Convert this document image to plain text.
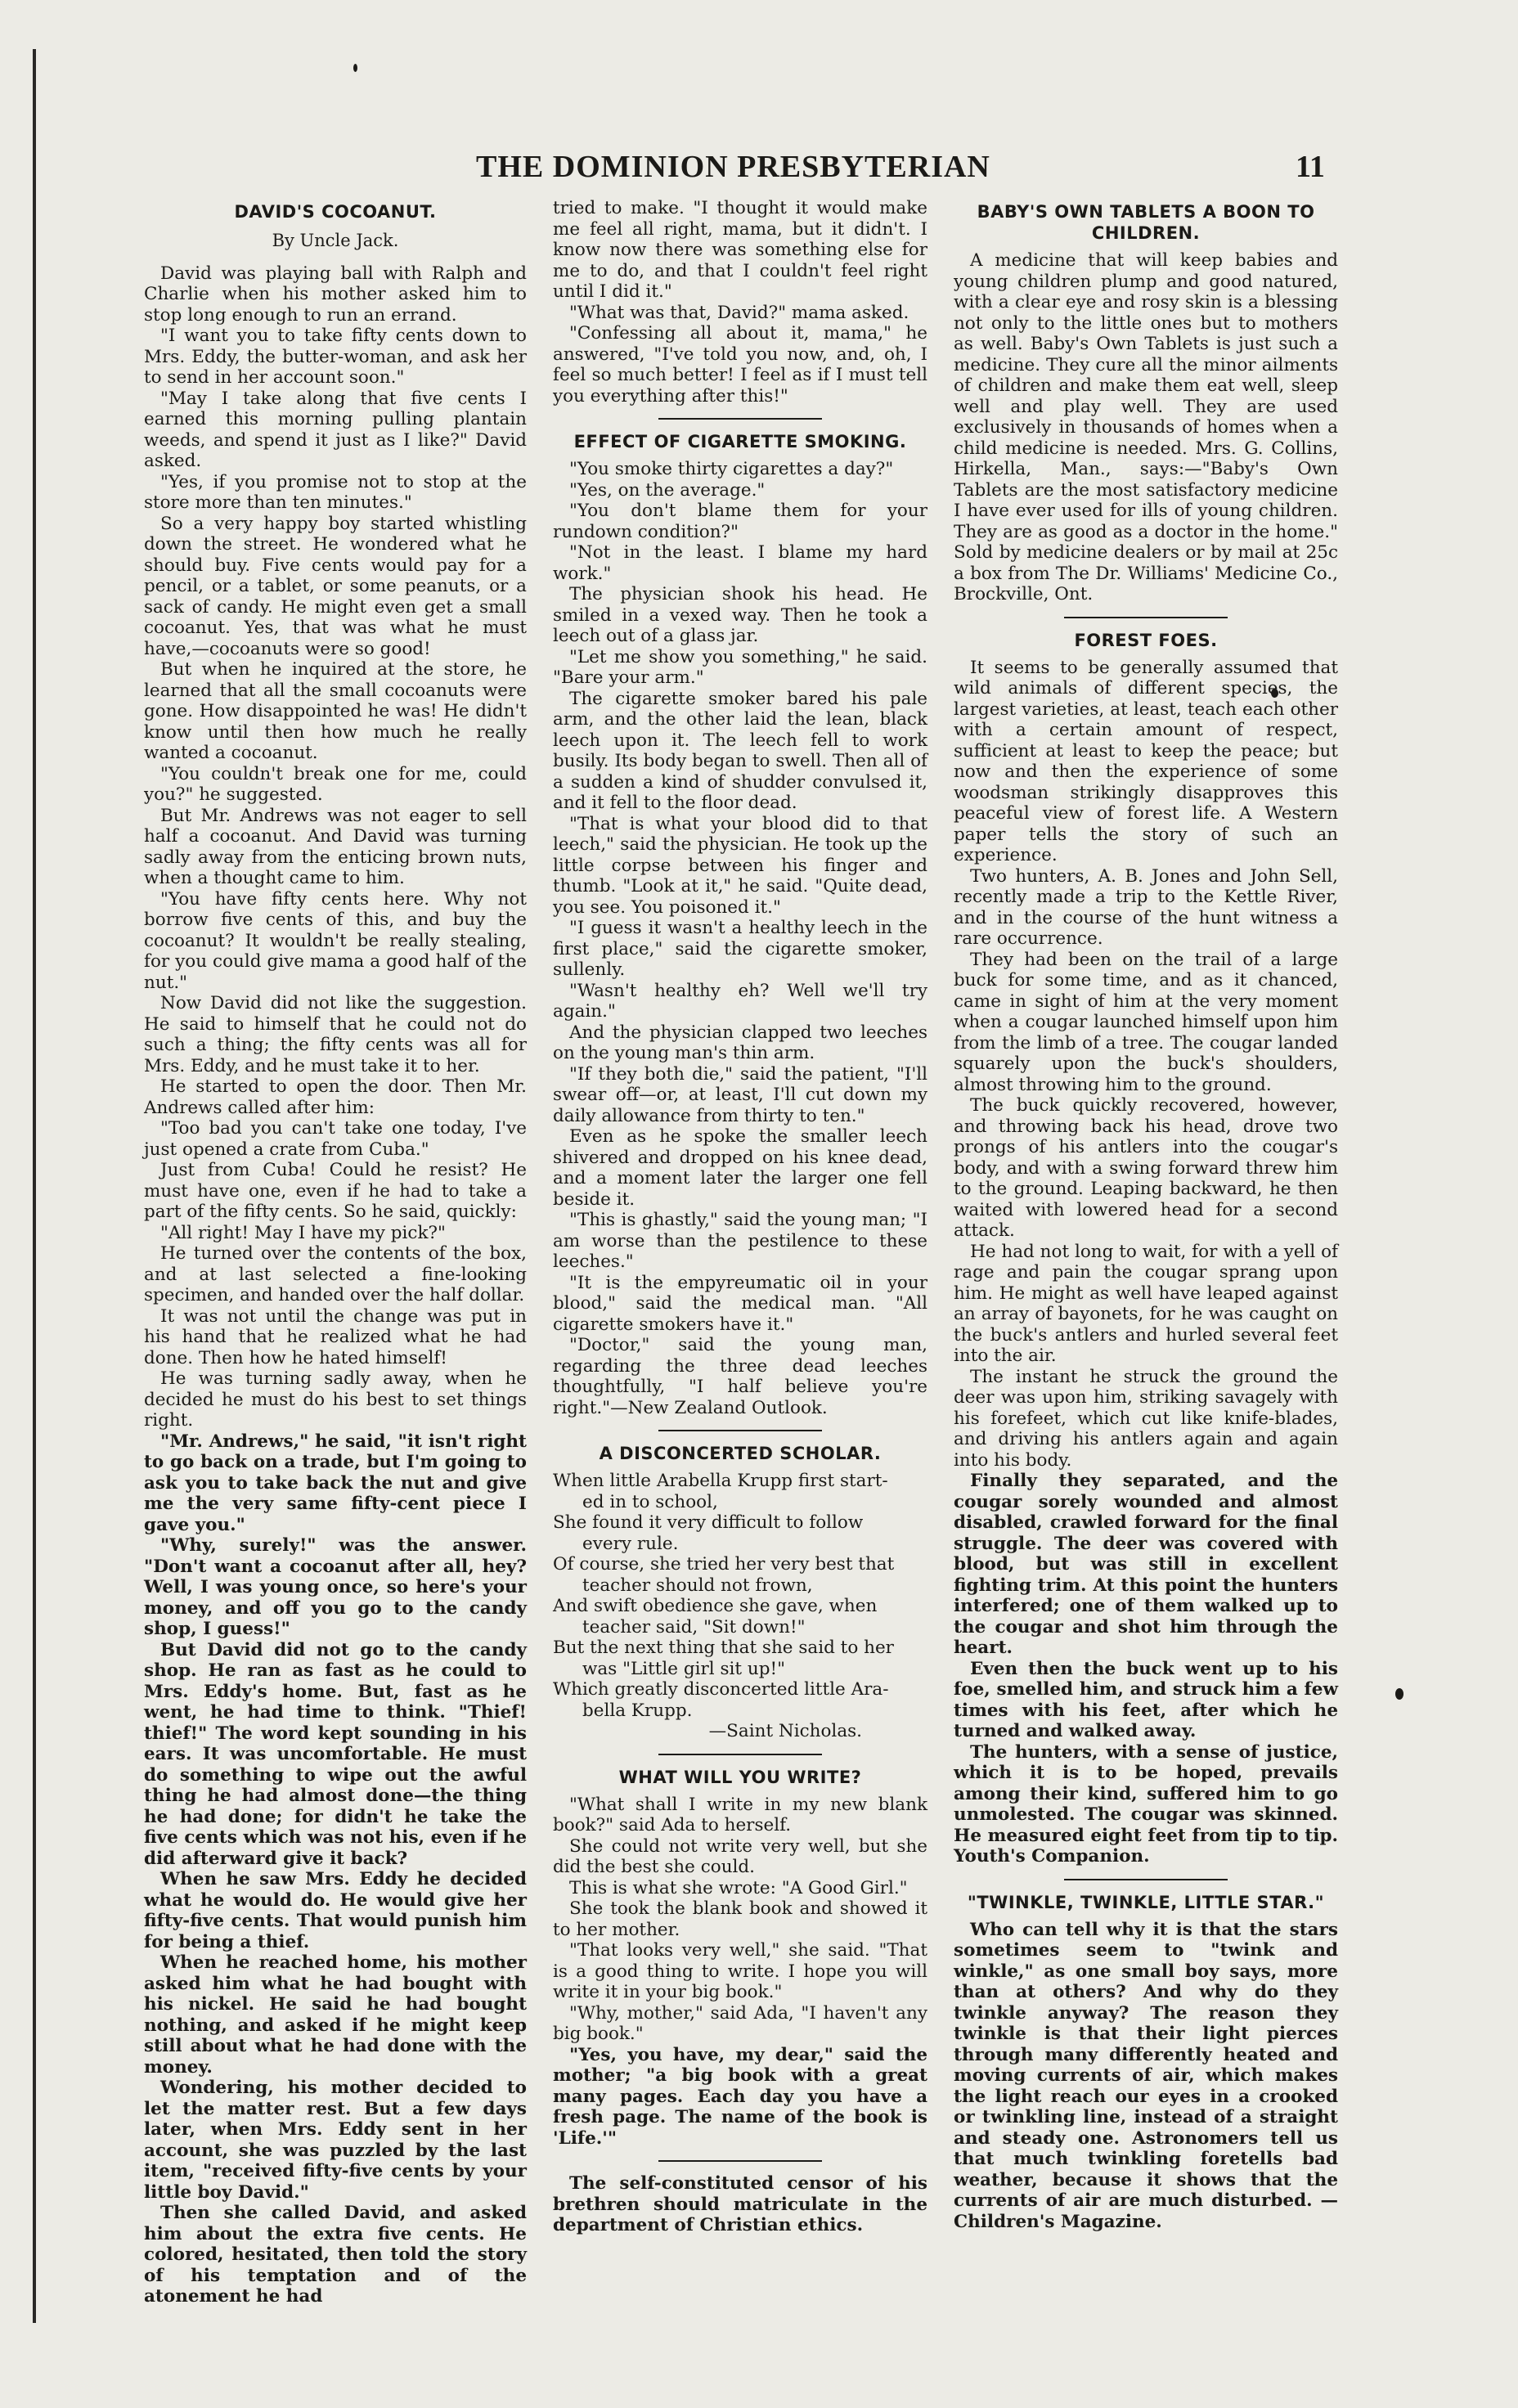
THE DOMINION PRESBYTERIAN	11
DAVID'S COCOANUT.
By Uncle Jack.

David was playing ball with Ralph and Charlie when his mother asked him to stop long enough to run an errand.

"I want you to take fifty cents down to Mrs. Eddy, the butter-woman, and ask her to send in her account soon."

"May I take along that five cents I earned this morning pulling plantain weeds, and spend it just as I like?" David asked.

"Yes, if you promise not to stop at the store more than ten minutes."

So a very happy boy started whistling down the street. He wondered what he should buy. Five cents would pay for a pencil, or a tablet, or some peanuts, or a sack of candy. He might even get a small cocoanut. Yes, that was what he must have,—cocoanuts were so good!

But when he inquired at the store, he learned that all the small cocoanuts were gone. How disappointed he was! He didn't know until then how much he really wanted a cocoanut.

"You couldn't break one for me, could you?" he suggested.

But Mr. Andrews was not eager to sell half a cocoanut. And David was turning sadly away from the enticing brown nuts, when a thought came to him.

"You have fifty cents here. Why not borrow five cents of this, and buy the cocoanut? It wouldn't be really stealing, for you could give mama a good half of the nut."

Now David did not like the suggestion. He said to himself that he could not do such a thing; the fifty cents was all for Mrs. Eddy, and he must take it to her.

He started to open the door. Then Mr. Andrews called after him:

"Too bad you can't take one today, I've just opened a crate from Cuba."

Just from Cuba! Could he resist? He must have one, even if he had to take a part of the fifty cents. So he said, quickly:

"All right! May I have my pick?"

He turned over the contents of the box, and at last selected a fine-looking specimen, and handed over the half dollar.

It was not until the change was put in his hand that he realized what he had done. Then how he hated himself!

He was turning sadly away, when he decided he must do his best to set things right.

"Mr. Andrews," he said, "it isn't right to go back on a trade, but I'm going to ask you to take back the nut and give me the very same fifty-cent piece I gave you."

"Why, surely!" was the answer. "Don't want a cocoanut after all, hey? Well, I was young once, so here's your money, and off you go to the candy shop, I guess!"

But David did not go to the candy shop. He ran as fast as he could to Mrs. Eddy's home. But, fast as he went, he had time to think. "Thief! thief!" The word kept sounding in his ears. It was uncomfortable. He must do something to wipe out the awful thing he had almost done—the thing he had done; for didn't he take the five cents which was not his, even if he did afterward give it back?

When he saw Mrs. Eddy he decided what he would do. He would give her fifty-five cents. That would punish him for being a thief.

When he reached home, his mother asked him what he had bought with his nickel. He said he had bought nothing, and asked if he might keep still about what he had done with the money.

Wondering, his mother decided to let the matter rest. But a few days later, when Mrs. Eddy sent in her account, she was puzzled by the last item, "received fifty-five cents by your little boy David."

Then she called David, and asked him about the extra five cents. He colored, hesitated, then told the story of his temptation and of the atonement he had

tried to make. "I thought it would make me feel all right, mama, but it didn't. I know now there was something else for me to do, and that I couldn't feel right until I did it."

"What was that, David?" mama asked.

"Confessing all about it, mama," he answered, "I've told you now, and, oh, I feel so much better! I feel as if I must tell you everything after this!"

EFFECT OF CIGARETTE SMOKING.

"You smoke thirty cigarettes a day?"

"Yes, on the average."

"You don't blame them for your rundown condition?"

"Not in the least. I blame my hard work."

The physician shook his head. He smiled in a vexed way. Then he took a leech out of a glass jar.

"Let me show you something," he said. "Bare your arm."

The cigarette smoker bared his pale arm, and the other laid the lean, black leech upon it. The leech fell to work busily. Its body began to swell. Then all of a sudden a kind of shudder convulsed it, and it fell to the floor dead.

"That is what your blood did to that leech," said the physician. He took up the little corpse between his finger and thumb. "Look at it," he said. "Quite dead, you see. You poisoned it."

"I guess it wasn't a healthy leech in the first place," said the cigarette smoker, sullenly.

"Wasn't healthy eh? Well we'll try again."

And the physician clapped two leeches on the young man's thin arm.

"If they both die," said the patient, "I'll swear off—or, at least, I'll cut down my daily allowance from thirty to ten."

Even as he spoke the smaller leech shivered and dropped on his knee dead, and a moment later the larger one fell beside it.

"This is ghastly," said the young man; "I am worse than the pestilence to these leeches."

"It is the empyreumatic oil in your blood," said the medical man. "All cigarette smokers have it."

"Doctor," said the young man, regarding the three dead leeches thoughtfully, "I half believe you're right."—New Zealand Outlook.

A DISCONCERTED SCHOLAR.
When little Arabella Krupp first start-
ed in to school,
She found it very difficult to follow
every rule.
Of course, she tried her very best that
teacher should not frown,
And swift obedience she gave, when
teacher said, "Sit down!"
But the next thing that she said to her
was "Little girl sit up!"
Which greatly disconcerted little Ara-
bella Krupp.
—Saint Nicholas.
WHAT WILL YOU WRITE?

"What shall I write in my new blank book?" said Ada to herself.

She could not write very well, but she did the best she could.

This is what she wrote: "A Good Girl."

She took the blank book and showed it to her mother.

"That looks very well," she said. "That is a good thing to write. I hope you will write it in your big book."

"Why, mother," said Ada, "I haven't any big book."

"Yes, you have, my dear," said the mother; "a big book with a great many pages. Each day you have a fresh page. The name of the book is 'Life.'"

The self-constituted censor of his brethren should matriculate in the department of Christian ethics.

BABY'S OWN TABLETS A BOON TO CHILDREN.

A medicine that will keep babies and young children plump and good natured, with a clear eye and rosy skin is a blessing not only to the little ones but to mothers as well. Baby's Own Tablets is just such a medicine. They cure all the minor ailments of children and make them eat well, sleep well and play well. They are used exclusively in thousands of homes when a child medicine is needed. Mrs. G. Collins, Hirkella, Man., says:—"Baby's Own Tablets are the most satisfactory medicine I have ever used for ills of young children. They are as good as a doctor in the home." Sold by medicine dealers or by mail at 25c a box from The Dr. Williams' Medicine Co., Brockville, Ont.

FOREST FOES.

It seems to be generally assumed that wild animals of different species, the largest varieties, at least, teach each other with a certain amount of respect, sufficient at least to keep the peace; but now and then the experience of some woodsman strikingly disapproves this peaceful view of forest life. A Western paper tells the story of such an experience.

Two hunters, A. B. Jones and John Sell, recently made a trip to the Kettle River, and in the course of the hunt witness a rare occurrence.

They had been on the trail of a large buck for some time, and as it chanced, came in sight of him at the very moment when a cougar launched himself upon him from the limb of a tree. The cougar landed squarely upon the buck's shoulders, almost throwing him to the ground.

The buck quickly recovered, however, and throwing back his head, drove two prongs of his antlers into the cougar's body, and with a swing forward threw him to the ground. Leaping backward, he then waited with lowered head for a second attack.

He had not long to wait, for with a yell of rage and pain the cougar sprang upon him. He might as well have leaped against an array of bayonets, for he was caught on the buck's antlers and hurled several feet into the air.

The instant he struck the ground the deer was upon him, striking savagely with his forefeet, which cut like knife-blades, and driving his antlers again and again into his body.

Finally they separated, and the cougar sorely wounded and almost disabled, crawled forward for the final struggle. The deer was covered with blood, but was still in excellent fighting trim. At this point the hunters interfered; one of them walked up to the cougar and shot him through the heart.

Even then the buck went up to his foe, smelled him, and struck him a few times with his feet, after which he turned and walked away.

The hunters, with a sense of justice, which it is to be hoped, prevails among their kind, suffered him to go unmolested. The cougar was skinned. He measured eight feet from tip to tip. Youth's Companion.

"TWINKLE, TWINKLE, LITTLE STAR."

Who can tell why it is that the stars sometimes seem to "twink and winkle," as one small boy says, more than at others? And why do they twinkle anyway? The reason they twinkle is that their light pierces through many differently heated and moving currents of air, which makes the light reach our eyes in a crooked or twinkling line, instead of a straight and steady one. Astronomers tell us that much twinkling foretells bad weather, because it shows that the currents of air are much disturbed. —Children's Magazine.
